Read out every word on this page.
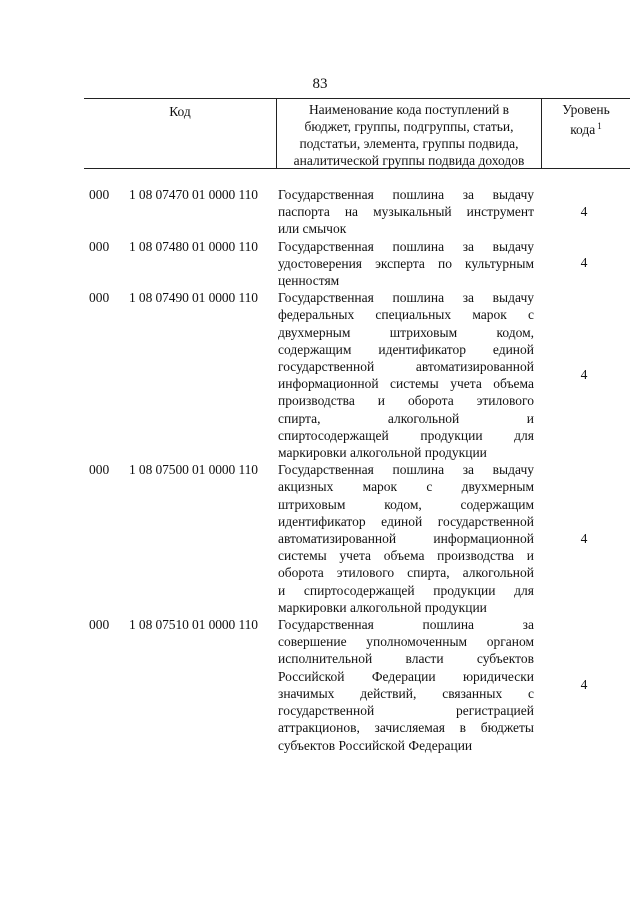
83
Код	Наименование кода поступлений в
бюджет, группы, подгруппы, статьи,
подстатьи, элемента, группы подвида,
аналитической группы подвида доходов
Уровень
кода $^1$
000	1 08 07470 01 0000 110	Государственная пошлина за выдачу
паспорта на музыкальный инструмент
или смычок
4
000	1 08 07480 01 0000 110	Государственная пошлина за выдачу
удостоверения эксперта по культурным
ценностям
4
000	1 08 07490 01 0000 110	Государственная пошлина за выдачу
федеральных специальных марок с
двухмерным штриховым кодом,
содержащим идентификатор единой
государственной автоматизированной
информационной системы учета объема
производства и оборота этилового
спирта, алкогольной и
спиртосодержащей продукции для
маркировки алкогольной продукции
4
000	1 08 07500 01 0000 110	Государственная пошлина за выдачу
акцизных марок с двухмерным
штриховым кодом, содержащим
идентификатор единой государственной
автоматизированной информационной
системы учета объема производства и
оборота этилового спирта, алкогольной
и спиртосодержащей продукции для
маркировки алкогольной продукции
4
000	1 08 07510 01 0000 110	Государственная пошлина за
совершение уполномоченным органом
исполнительной власти субъектов
Российской Федерации юридически
значимых действий, связанных с
государственной регистрацией
аттракционов, зачисляемая в бюджеты
субъектов Российской Федерации
4
